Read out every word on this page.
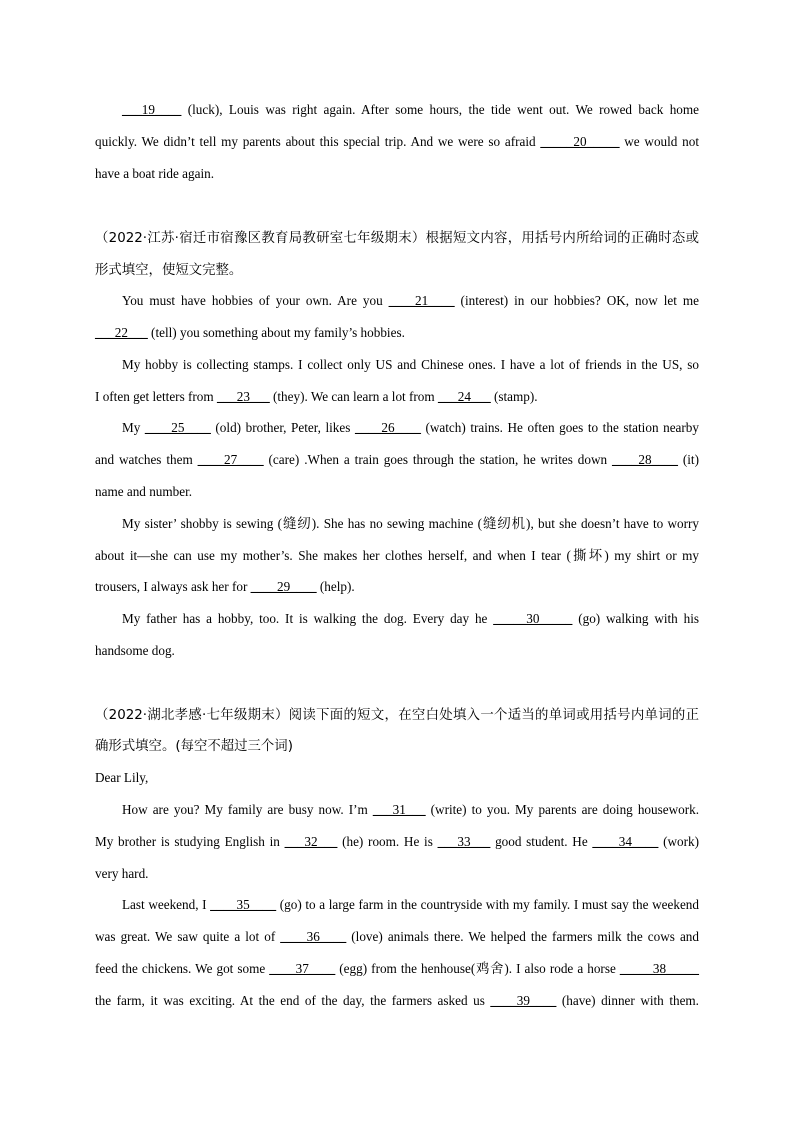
___19____ (luck), Louis was right again. After some hours, the tide went out. We rowed back home
quickly. We didn’t tell my parents about this special trip. And we were so afraid _____20_____ we would not
have a boat ride again.
（2022·江苏·宿迁市宿豫区教育局教研室七年级期末）根据短文内容，用括号内所给词的正确时态或
形式填空，使短文完整。
You must have hobbies of your own. Are you ____21____ (interest) in our hobbies? OK, now let me
___22___ (tell) you something about my family’s hobbies.
My hobby is collecting stamps. I collect only US and Chinese ones. I have a lot of friends in the US, so
I often get letters from ___23___ (they). We can learn a lot from ___24___ (stamp).
My ____25____ (old) brother, Peter, likes ____26____ (watch) trains. He often goes to the station nearby
and watches them ____27____ (care) .When a train goes through the station, he writes down ____28____ (it)
name and number.
My sister’ shobby is sewing (缝纫). She has no sewing machine (缝纫机), but she doesn’t have to worry
about it—she can use my mother’s. She makes her clothes herself, and when I tear (撕坏) my shirt or my
trousers, I always ask her for ____29____ (help).
My father has a hobby, too. It is walking the dog. Every day he _____30_____ (go) walking with his
handsome dog.
（2022·湖北孝感·七年级期末）阅读下面的短文，在空白处填入一个适当的单词或用括号内单词的正
确形式填空。(每空不超过三个词)
Dear Lily,
How are you? My family are busy now. I’m ___31___ (write) to you. My parents are doing housework.
My brother is studying English in ___32___ (he) room. He is ___33___ good student. He ____34____ (work)
very hard.
Last weekend, I ____35____ (go) to a large farm in the countryside with my family. I must say the weekend
was great. We saw quite a lot of ____36____ (love) animals there. We helped the farmers milk the cows and
feed the chickens. We got some ____37____ (egg) from the henhouse(鸡舍). I also rode a horse _____38_____
the farm, it was exciting. At the end of the day, the farmers asked us ____39____ (have) dinner with them.
